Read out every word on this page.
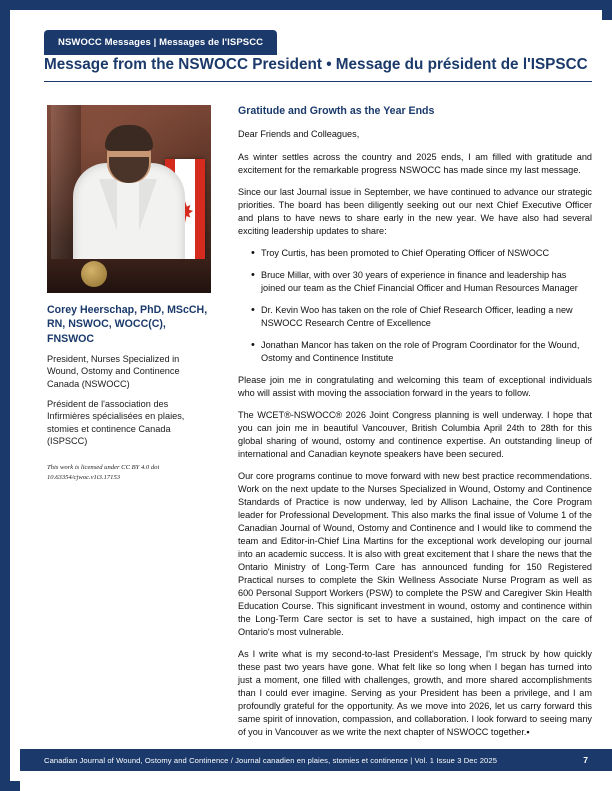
NSWOCC Messages | Messages de l'ISPSCC
Message from the NSWOCC President • Message du président de l'ISPSCC
Corey Heerschap, PhD, MScCH, RN, NSWOC, WOCC(C), FNSWOC
President, Nurses Specialized in Wound, Ostomy and Continence Canada (NSWOCC)
Président de l'association des Infirmières spécialisées en plaies, stomies et continence Canada (ISPSCC)
This work is licensed under CC BY 4.0 doi 10.63354/cjwoc.v1i3.17153
Gratitude and Growth as the Year Ends

Dear Friends and Colleagues,

As winter settles across the country and 2025 ends, I am filled with gratitude and excitement for the remarkable progress NSWOCC has made since my last message.

Since our last Journal issue in September, we have continued to advance our strategic priorities. The board has been diligently seeking out our next Chief Executive Officer and plans to have news to share early in the new year. We have also had several exciting leadership updates to share:

• Troy Curtis, has been promoted to Chief Operating Officer of NSWOCC
• Bruce Millar, with over 30 years of experience in finance and leadership has joined our team as the Chief Financial Officer and Human Resources Manager
• Dr. Kevin Woo has taken on the role of Chief Research Officer, leading a new NSWOCC Research Centre of Excellence
• Jonathan Mancor has taken on the role of Program Coordinator for the Wound, Ostomy and Continence Institute

Please join me in congratulating and welcoming this team of exceptional individuals who will assist with moving the association forward in the years to follow.

The WCET®-NSWOCC® 2026 Joint Congress planning is well underway. I hope that you can join me in beautiful Vancouver, British Columbia April 24th to 28th for this global sharing of wound, ostomy and continence expertise. An outstanding lineup of international and Canadian keynote speakers have been secured.

Our core programs continue to move forward with new best practice recommendations. Work on the next update to the Nurses Specialized in Wound, Ostomy and Continence Standards of Practice is now underway, led by Allison Lachaine, the Core Program leader for Professional Development. This also marks the final issue of Volume 1 of the Canadian Journal of Wound, Ostomy and Continence and I would like to commend the team and Editor-in-Chief Lina Martins for the exceptional work developing our journal into an academic success. It is also with great excitement that I share the news that the Ontario Ministry of Long-Term Care has announced funding for 150 Registered Practical nurses to complete the Skin Wellness Associate Nurse Program as well as 600 Personal Support Workers (PSW) to complete the PSW and Caregiver Skin Health Education Course. This significant investment in wound, ostomy and continence within the Long-Term Care sector is set to have a sustained, high impact on the care of Ontario's most vulnerable.

As I write what is my second-to-last President's Message, I'm struck by how quickly these past two years have gone. What felt like so long when I began has turned into just a moment, one filled with challenges, growth, and more shared accomplishments than I could ever imagine. Serving as your President has been a privilege, and I am profoundly grateful for the opportunity. As we move into 2026, let us carry forward this same spirit of innovation, compassion, and collaboration. I look forward to seeing many of you in Vancouver as we write the next chapter of NSWOCC together.▪

Canadian Journal of Wound, Ostomy and Continence / Journal canadien en plaies, stomies et continence | Vol. 1 Issue 3 Dec 2025	7
